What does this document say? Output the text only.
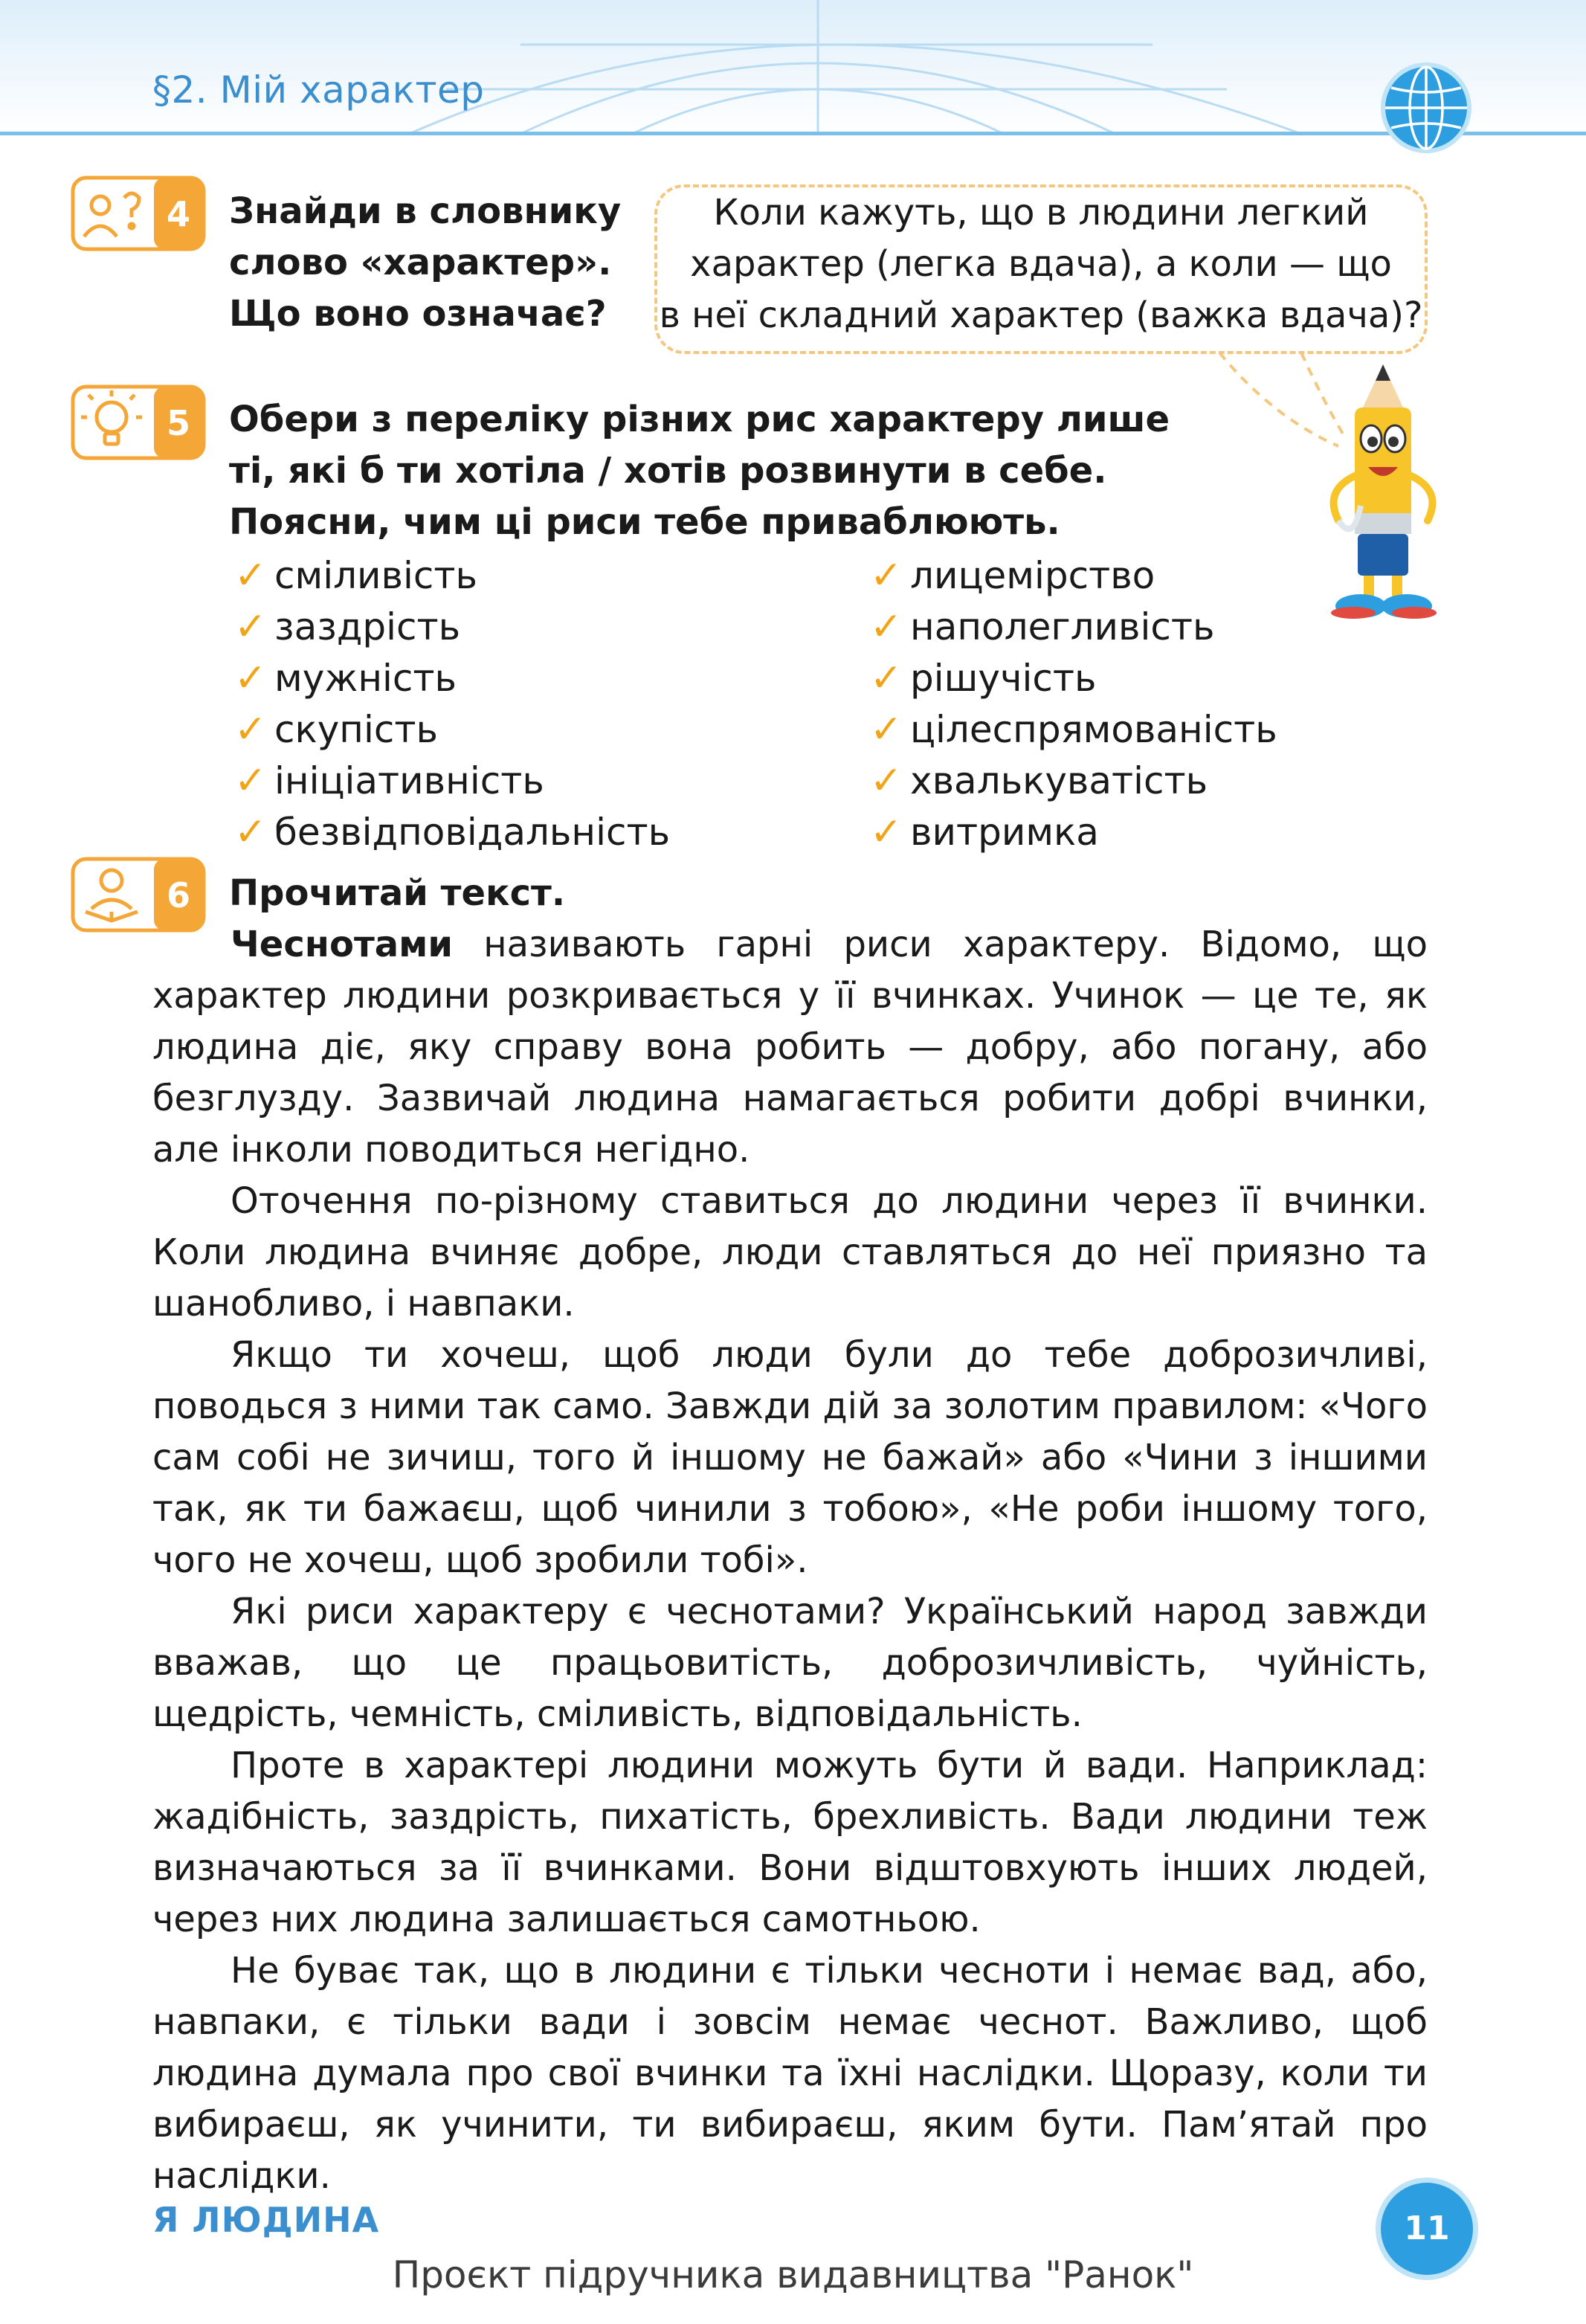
§2. Мій характер
4 Знайди в словнику
слово «характер».
Що воно означає?
Коли кажуть, що в людини легкий
характер (легка вдача), а коли — що
в неї складний характер (важка вдача)?
5 Обери з переліку різних рис характеру лише
ті, які б ти хотіла / хотів розвинути в себе.
Поясни, чим ці риси тебе приваблюють.
✓ сміливість
✓ заздрість
✓ мужність
✓ скупість
✓ ініціативність
✓ безвідповідальність
✓ лицемірство
✓ наполегливість
✓ рішучість
✓ цілеспрямованість
✓ хвалькуватість
✓ витримка
6 Прочитай текст.

Чеснотами називають гарні риси характеру. Відомо, що характер людини розкривається у її вчинках. Учинок — це те, як людина діє, яку справу вона робить — добру, або погану, або безглузду. Зазвичай людина намагається робити добрі вчинки, але інколи поводиться негідно.

Оточення по-різному ставиться до людини через її вчинки. Коли людина вчиняє добре, люди ставляться до неї приязно та шанобливо, і навпаки.

Якщо ти хочеш, щоб люди були до тебе доброзичливі, поводься з ними так само. Завжди дій за золотим правилом: «Чого сам собі не зичиш, того й іншому не бажай» або «Чини з іншими так, як ти бажаєш, щоб чинили з тобою», «Не роби іншому того, чого не хочеш, щоб зробили тобі».

Які риси характеру є чеснотами? Український народ завжди вважав, що це працьовитість, доброзичливість, чуйність, щедрість, чемність, сміливість, відповідальність.

Проте в характері людини можуть бути й вади. Наприклад: жадібність, заздрість, пихатість, брехливість. Вади людини теж визначаються за її вчинками. Вони відштовхують інших людей, через них людина залишається самотньою.

Не буває так, що в людини є тільки чесноти і немає вад, або, навпаки, є тільки вади і зовсім немає чеснот. Важливо, щоб людина думала про свої вчинки та їхні наслідки. Щоразу, коли ти вибираєш, як учинити, ти вибираєш, яким бути. Пам’ятай про наслідки.

Я ЛЮДИНА	11
Проєкт підручника видавництва "Ранок"
